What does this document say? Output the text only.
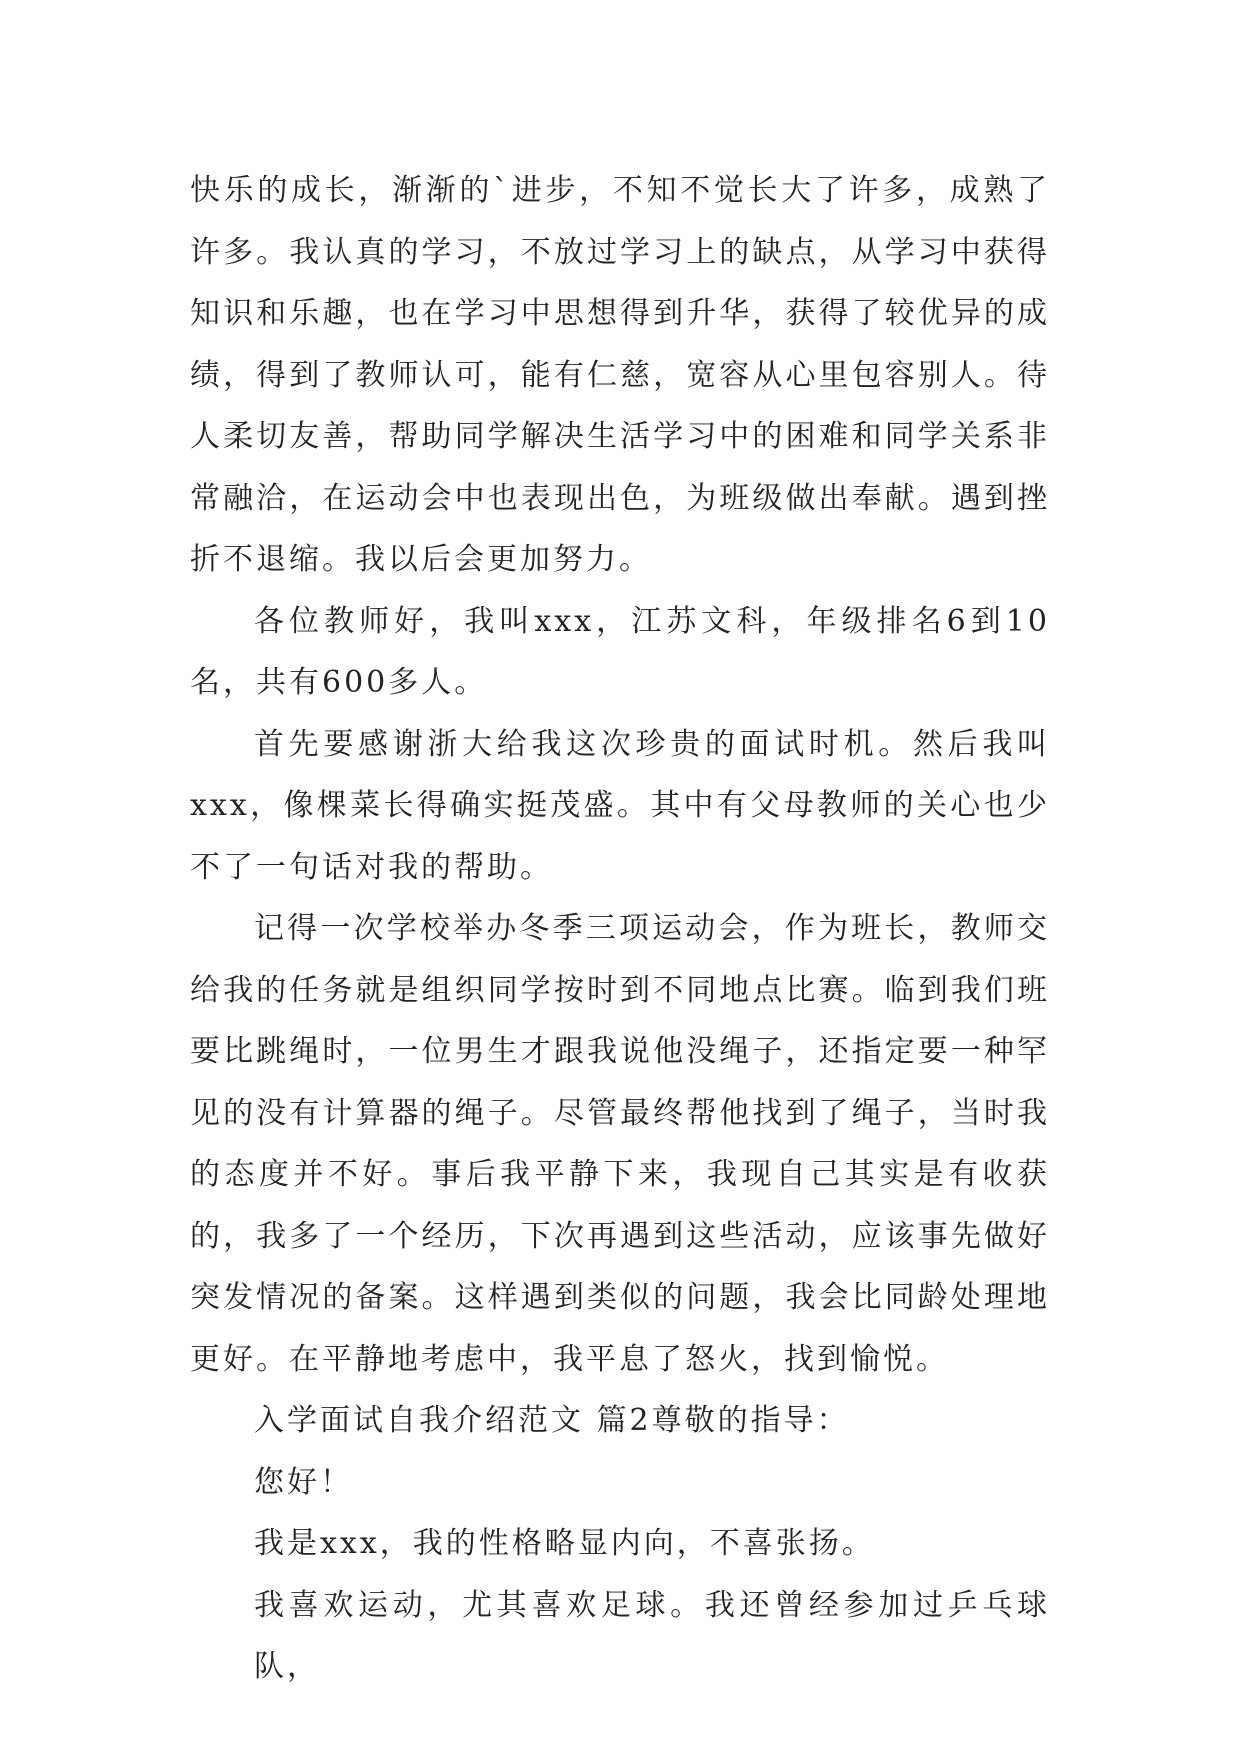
快乐的成长，渐渐的`进步，不知不觉长大了许多，成熟了许多。我认真的学习，不放过学习上的缺点，从学习中获得知识和乐趣，也在学习中思想得到升华，获得了较优异的成绩，得到了教师认可，能有仁慈，宽容从心里包容别人。待人柔切友善，帮助同学解决生活学习中的困难和同学关系非常融洽，在运动会中也表现出色，为班级做出奉献。遇到挫折不退缩。我以后会更加努力。

各位教师好，我叫xxx，江苏文科，年级排名6到10名，共有600多人。

首先要感谢浙大给我这次珍贵的面试时机。然后我叫xxx，像棵菜长得确实挺茂盛。其中有父母教师的关心也少不了一句话对我的帮助。

记得一次学校举办冬季三项运动会，作为班长，教师交给我的任务就是组织同学按时到不同地点比赛。临到我们班要比跳绳时，一位男生才跟我说他没绳子，还指定要一种罕见的没有计算器的绳子。尽管最终帮他找到了绳子，当时我的态度并不好。事后我平静下来，我现自己其实是有收获的，我多了一个经历，下次再遇到这些活动，应该事先做好突发情况的备案。这样遇到类似的问题，我会比同龄处理地更好。在平静地考虑中，我平息了怒火，找到愉悦。

入学面试自我介绍范文 篇2尊敬的指导：

您好！

我是xxx，我的性格略显内向，不喜张扬。

我喜欢运动，尤其喜欢足球。我还曾经参加过乒乓球队，
